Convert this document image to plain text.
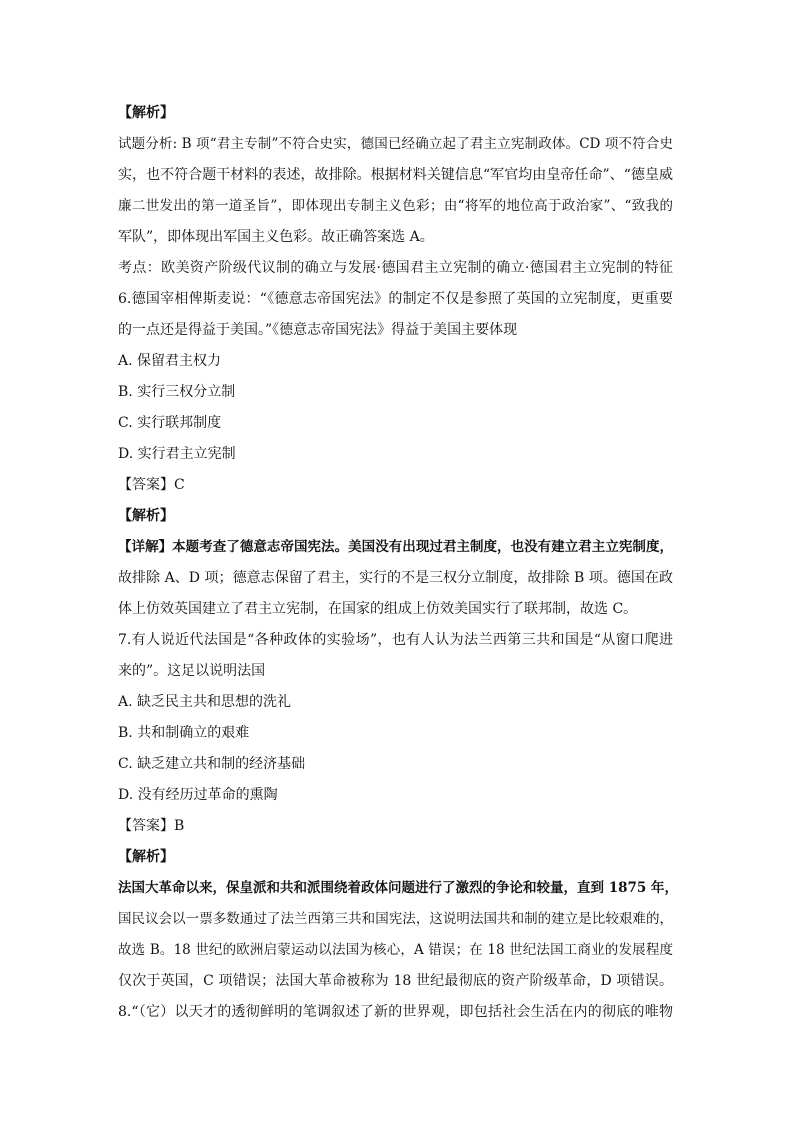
【解析】
试题分析: B 项“君主专制”不符合史实，德国已经确立起了君主立宪制政体。CD 项不符合史
实，也不符合题干材料的表述，故排除。根据材料关键信息“军官均由皇帝任命”、“德皇威
廉二世发出的第一道圣旨”，即体现出专制主义色彩；由“将军的地位高于政治家”、“致我的
军队”，即体现出军国主义色彩。故正确答案选 A。
考点：欧美资产阶级代议制的确立与发展·德国君主立宪制的确立·德国君主立宪制的特征
6.德国宰相俾斯麦说：“《德意志帝国宪法》的制定不仅是参照了英国的立宪制度，更重要
的一点还是得益于美国。”《德意志帝国宪法》得益于美国主要体现
A. 保留君主权力
B. 实行三权分立制
C. 实行联邦制度
D. 实行君主立宪制
【答案】C
【解析】
【详解】本题考查了德意志帝国宪法。美国没有出现过君主制度，也没有建立君主立宪制度，
故排除 A、D 项；德意志保留了君主，实行的不是三权分立制度，故排除 B 项。德国在政
体上仿效英国建立了君主立宪制，在国家的组成上仿效美国实行了联邦制，故选 C。
7.有人说近代法国是“各种政体的实验场”，也有人认为法兰西第三共和国是“从窗口爬进
来的”。这足以说明法国
A. 缺乏民主共和思想的洗礼
B. 共和制确立的艰难
C. 缺乏建立共和制的经济基础
D. 没有经历过革命的熏陶
【答案】B
【解析】
法国大革命以来，保皇派和共和派围绕着政体问题进行了激烈的争论和较量，直到 1875 年，
国民议会以一票多数通过了法兰西第三共和国宪法，这说明法国共和制的建立是比较艰难的，
故选 B。18 世纪的欧洲启蒙运动以法国为核心，A 错误；在 18 世纪法国工商业的发展程度
仅次于英国，C 项错误；法国大革命被称为 18 世纪最彻底的资产阶级革命，D 项错误。
8.“（它）以天才的透彻鲜明的笔调叙述了新的世界观，即包括社会生活在内的彻底的唯物
